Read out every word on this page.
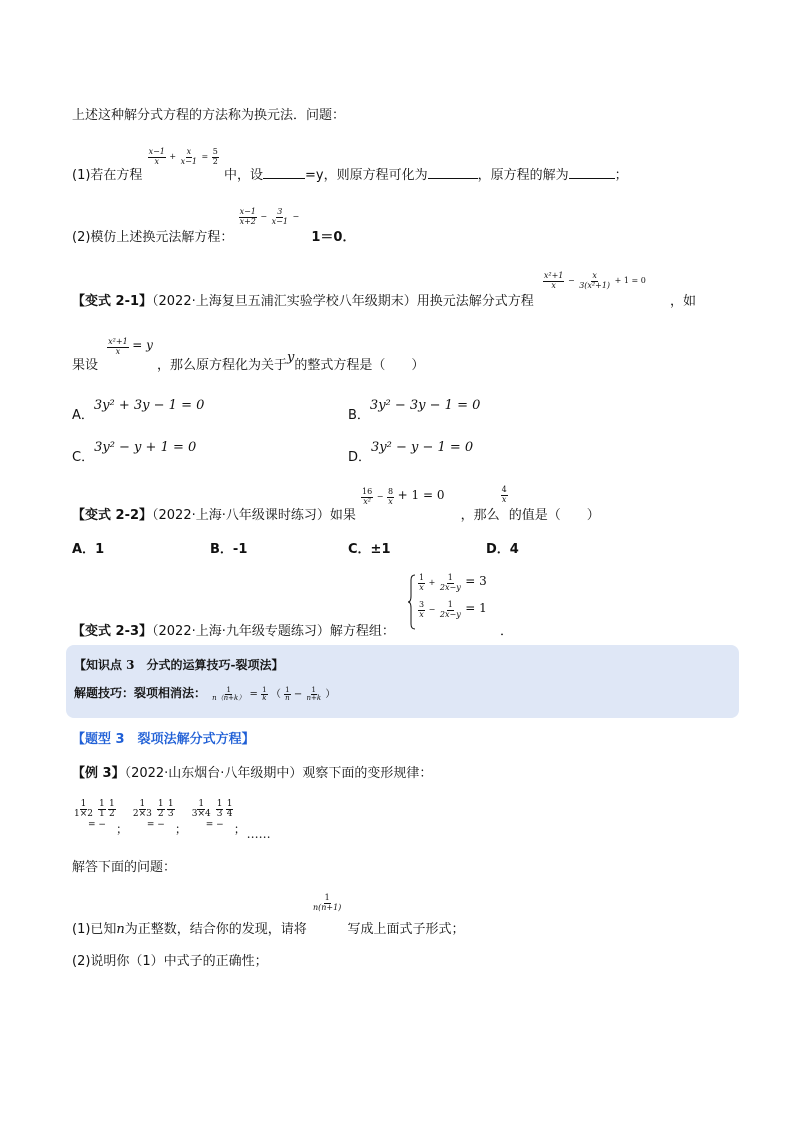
上述这种解分式方程的方法称为换元法．问题：
(1)若在方程
$\frac{x-1}{x} + \frac{x}{x-1} = \frac{5}{2}$
中，设	=y，则原方程可化为	，原方程的解为	；
(2)模仿上述换元法解方程：
$\frac{x-1}{x+2} - \frac{3}{x-1} - 1=0$．
【变式 2-1】（2022·上海复旦五浦汇实验学校八年级期末）用换元法解分式方程
$\frac{\text{x²+1}}{x} - \frac{x}{\text{3(x²+1)}} + 1 = 0$ ，如
果设
$\frac{\text{x²+1}}{x} = y$ ，那么原方程化为关于y的整式方程是（　　）
A．3y² + 3y − 1 = 0
B．3y² − 3y − 1 = 0
C．3y² − y + 1 = 0
D．3y² − y − 1 = 0
【变式 2-2】（2022·上海·八年级课时练习）如果
$\frac{16}{\text{x²}} - \frac{8}{x} + 1 = 0$ ，那么
$\frac{4}{x}$
的值是（　　）
A．1	B．-1	C．±1	D．4
【变式 2-3】（2022·上海·九年级专题练习）解方程组：
$\frac{1}{x} + \frac{1}{2x-y} = 3$
$\frac{3}{x} - \frac{1}{2x-y} = 1$
．
【知识点 3　分式的运算技巧-裂项法】
解题技巧：裂项相消法： $\frac{1}{n(n+k)} = \frac{1}{k}$ （ $\frac{1}{n} - \frac{1}{n+k}$ ）
【题型 3　裂项法解分式方程】
【例 3】（2022·山东烟台·八年级期中）观察下面的变形规律：
$\frac{1}{1\times 2} \frac{1}{1} \frac{1}{2}$
= − ；

$\frac{1}{2\times 3} \frac{1}{2} \frac{1}{3}$
= − ；

$\frac{1}{3\times 4} \frac{1}{3} \frac{1}{4}$
= − ； ……
解答下面的问题：
(1)已知n为正整数，结合你的发现，请将
$\frac{1}{n(n+1)}$
写成上面式子形式；
(2)说明你（1）中式子的正确性；
